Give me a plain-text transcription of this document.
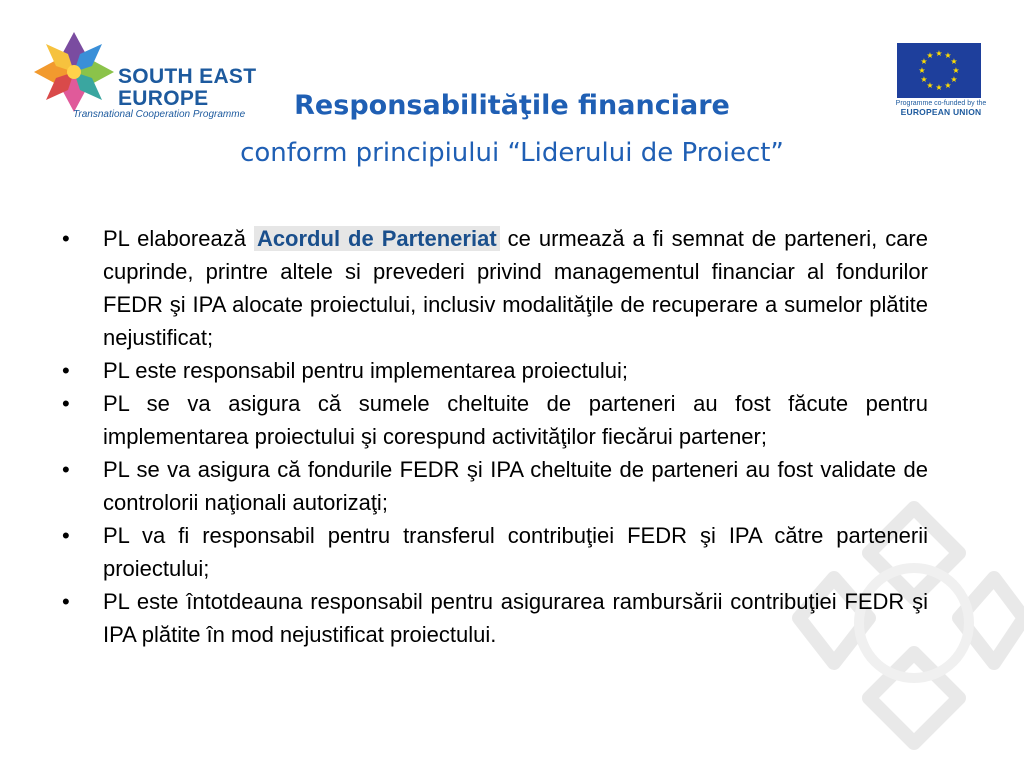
SOUTH EAST
EUROPE
Transnational Cooperation Programme
★ ★
★
★
★
★
★
★
★
★
★
★
Programme co-funded by the
EUROPEAN UNION
Responsabilităţile financiare
conform principiului “Liderului de Proiect”
•	PL elaborează Acordul de Parteneriat ce urmează a fi semnat de parteneri, care cuprinde, printre altele si prevederi privind managementul financiar al fondurilor FEDR şi IPA alocate proiectului, inclusiv modalităţile de recuperare a sumelor plătite nejustificat;
•	PL este responsabil pentru implementarea proiectului;
•	PL se va asigura că sumele cheltuite de parteneri au fost făcute pentru implementarea proiectului şi corespund activităţilor fiecărui partener;
•	PL se va asigura că fondurile FEDR şi IPA cheltuite de parteneri au fost validate de controlorii naţionali autorizaţi;
•	PL va fi responsabil pentru transferul contribuţiei FEDR şi IPA către partenerii proiectului;
•	PL este întotdeauna responsabil pentru asigurarea rambursării contribuţiei FEDR şi IPA plătite în mod nejustificat proiectului.
